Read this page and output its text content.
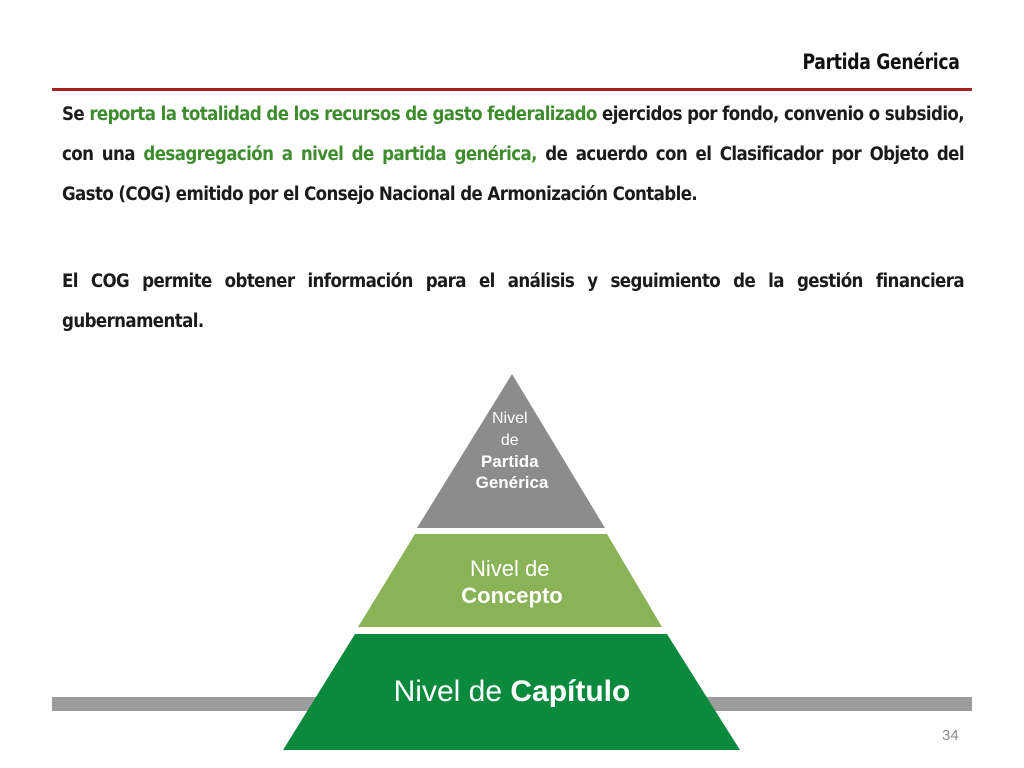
Partida Genérica
Se reporta la totalidad de los recursos de gasto federalizado ejercidos por fondo, convenio o subsidio, con una desagregación a nivel de partida genérica, de acuerdo con el Clasificador por Objeto del Gasto (COG) emitido por el Consejo Nacional de Armonización Contable.
El COG permite obtener información para el análisis y seguimiento de la gestión financiera gubernamental.
Nivel de Partida Genérica
Nivel de Concepto
Nivel de Capítulo
34
